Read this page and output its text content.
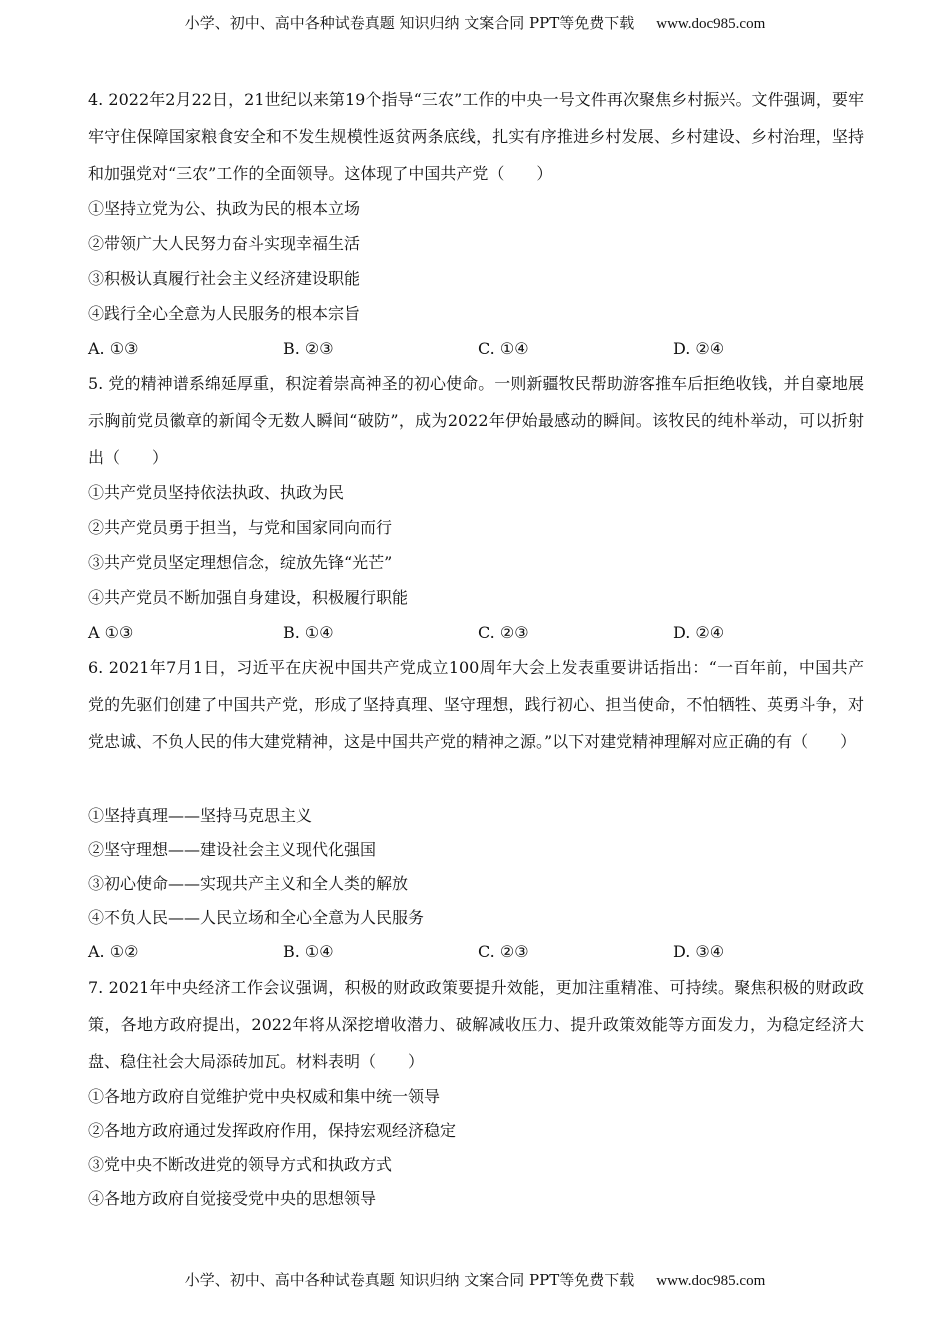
小学、初中、高中各种试卷真题 知识归纳 文案合同 PPT等免费下载 www.doc985.com

4. 2022年2月22日，21世纪以来第19个指导“三农”工作的中央一号文件再次聚焦乡村振兴。文件强调，要牢牢守住保障国家粮食安全和不发生规模性返贫两条底线，扎实有序推进乡村发展、乡村建设、乡村治理，坚持和加强党对“三农”工作的全面领导。这体现了中国共产党（　　）

①坚持立党为公、执政为民的根本立场
②带领广大人民努力奋斗实现幸福生活
③积极认真履行社会主义经济建设职能
④践行全心全意为人民服务的根本宗旨
A. ①③	B. ②③	C. ①④	D. ②④

5. 党的精神谱系绵延厚重，积淀着崇高神圣的初心使命。一则新疆牧民帮助游客推车后拒绝收钱，并自豪地展示胸前党员徽章的新闻令无数人瞬间“破防”，成为2022年伊始最感动的瞬间。该牧民的纯朴举动，可以折射出（　　）

①共产党员坚持依法执政、执政为民
②共产党员勇于担当，与党和国家同向而行
③共产党员坚定理想信念，绽放先锋“光芒”
④共产党员不断加强自身建设，积极履行职能
A ①③	B. ①④	C. ②③	D. ②④

6. 2021年7月1日，习近平在庆祝中国共产党成立100周年大会上发表重要讲话指出：“一百年前，中国共产党的先驱们创建了中国共产党，形成了坚持真理、坚守理想，践行初心、担当使命，不怕牺牲、英勇斗争，对党忠诚、不负人民的伟大建党精神，这是中国共产党的精神之源。”以下对建党精神理解对应正确的有（　　）

①坚持真理——坚持马克思主义
②坚守理想——建设社会主义现代化强国
③初心使命——实现共产主义和全人类的解放
④不负人民——人民立场和全心全意为人民服务
A. ①②	B. ①④	C. ②③	D. ③④

7. 2021年中央经济工作会议强调，积极的财政政策要提升效能，更加注重精准、可持续。聚焦积极的财政政策，各地方政府提出，2022年将从深挖增收潜力、破解减收压力、提升政策效能等方面发力，为稳定经济大盘、稳住社会大局添砖加瓦。材料表明（　　）

①各地方政府自觉维护党中央权威和集中统一领导
②各地方政府通过发挥政府作用，保持宏观经济稳定
③党中央不断改进党的领导方式和执政方式
④各地方政府自觉接受党中央的思想领导
小学、初中、高中各种试卷真题 知识归纳 文案合同 PPT等免费下载 www.doc985.com
